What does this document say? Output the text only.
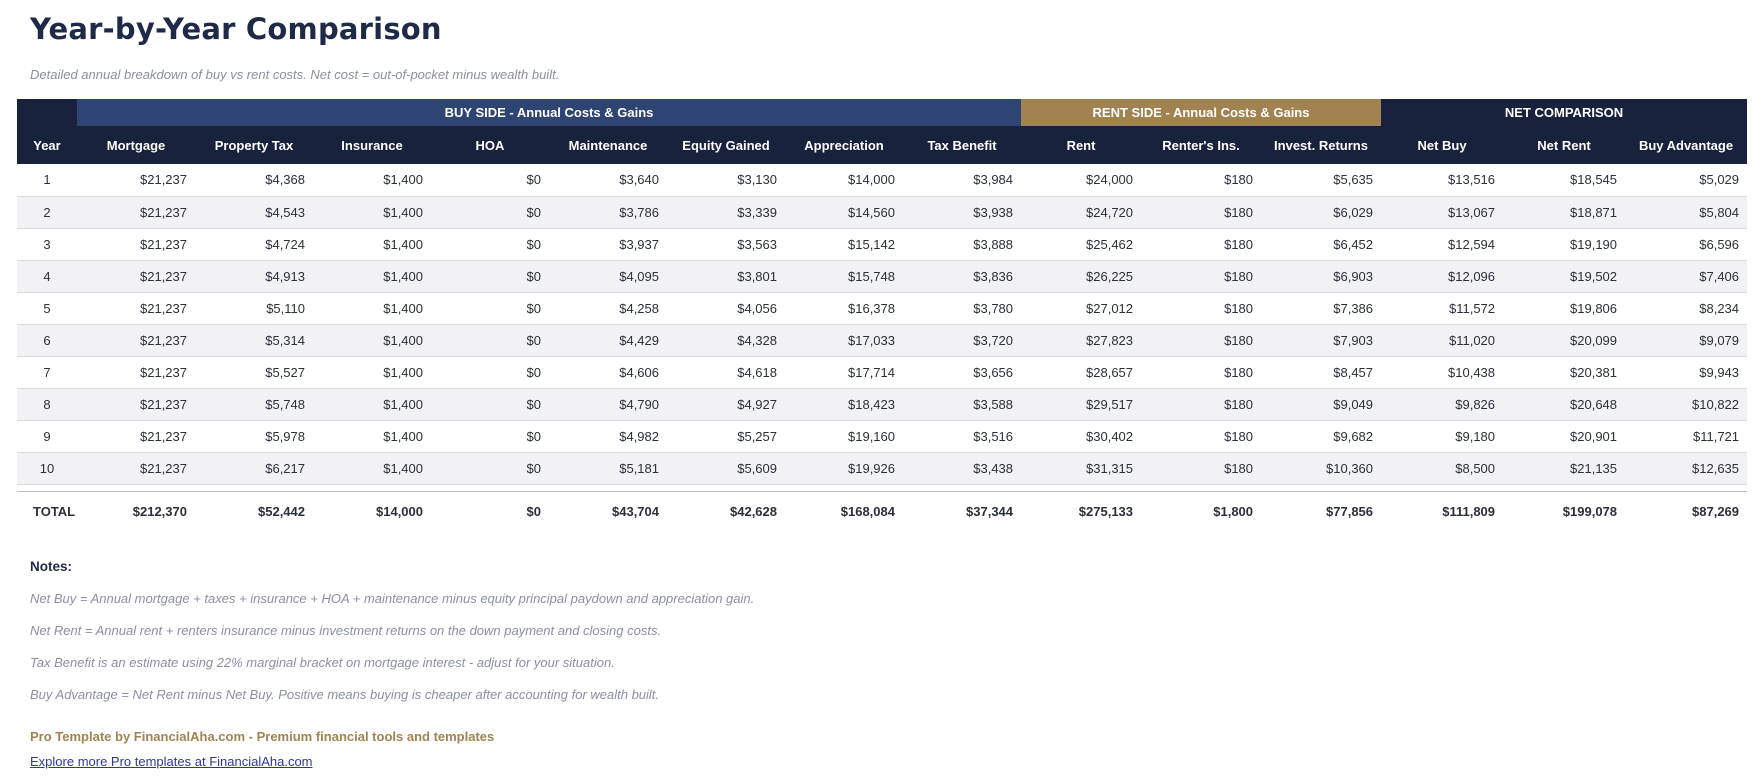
Year-by-Year Comparison

Detailed annual breakdown of buy vs rent costs. Net cost = out-of-pocket minus wealth built.

	BUY SIDE - Annual Costs & Gains								RENT SIDE - Annual Costs & Gains			NET COMPARISON		
Year	Mortgage	Property Tax	Insurance	HOA	Maintenance	Equity Gained	Appreciation	Tax Benefit	Rent	Renter's Ins.	Invest. Returns	Net Buy	Net Rent	Buy Advantage
1	$21,237	$4,368	$1,400	$0	$3,640	$3,130	$14,000	$3,984	$24,000	$180	$5,635	$13,516	$18,545	$5,029
2	$21,237	$4,543	$1,400	$0	$3,786	$3,339	$14,560	$3,938	$24,720	$180	$6,029	$13,067	$18,871	$5,804
3	$21,237	$4,724	$1,400	$0	$3,937	$3,563	$15,142	$3,888	$25,462	$180	$6,452	$12,594	$19,190	$6,596
4	$21,237	$4,913	$1,400	$0	$4,095	$3,801	$15,748	$3,836	$26,225	$180	$6,903	$12,096	$19,502	$7,406
5	$21,237	$5,110	$1,400	$0	$4,258	$4,056	$16,378	$3,780	$27,012	$180	$7,386	$11,572	$19,806	$8,234
6	$21,237	$5,314	$1,400	$0	$4,429	$4,328	$17,033	$3,720	$27,823	$180	$7,903	$11,020	$20,099	$9,079
7	$21,237	$5,527	$1,400	$0	$4,606	$4,618	$17,714	$3,656	$28,657	$180	$8,457	$10,438	$20,381	$9,943
8	$21,237	$5,748	$1,400	$0	$4,790	$4,927	$18,423	$3,588	$29,517	$180	$9,049	$9,826	$20,648	$10,822
9	$21,237	$5,978	$1,400	$0	$4,982	$5,257	$19,160	$3,516	$30,402	$180	$9,682	$9,180	$20,901	$11,721
10	$21,237	$6,217	$1,400	$0	$5,181	$5,609	$19,926	$3,438	$31,315	$180	$10,360	$8,500	$21,135	$12,635

TOTAL	$212,370	$52,442	$14,000	$0	$43,704	$42,628	$168,084	$37,344	$275,133	$1,800	$77,856	$111,809	$199,078	$87,269
Notes:

Net Buy = Annual mortgage + taxes + insurance + HOA + maintenance minus equity principal paydown and appreciation gain.

Net Rent = Annual rent + renters insurance minus investment returns on the down payment and closing costs.

Tax Benefit is an estimate using 22% marginal bracket on mortgage interest - adjust for your situation.

Buy Advantage = Net Rent minus Net Buy. Positive means buying is cheaper after accounting for wealth built.

Pro Template by FinancialAha.com - Premium financial tools and templates
Explore more Pro templates at FinancialAha.com
